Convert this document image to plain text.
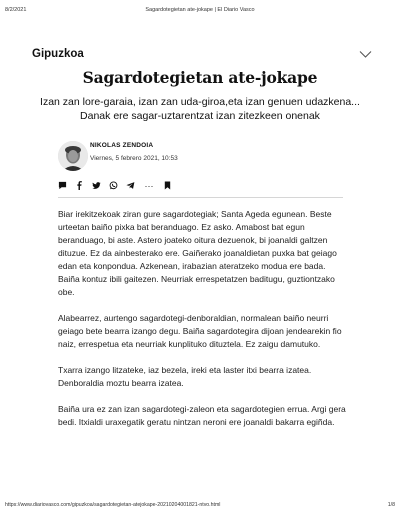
8/2/2021	Sagardotegietan ate-jokape | El Diario Vasco
Gipuzkoa
Sagardotegietan ate-jokape
Izan zan lore-garaia, izan zan uda-giroa,eta izan genuen udazkena...
Danak ere sagar-uztarentzat izan zitezkeen onenak
NIKOLAS ZENDOIA
Viernes, 5 febrero 2021, 10:53
···

Biar irekitzekoak ziran gure sagardotegiak; Santa Ageda egunean. Beste urteetan baiño pixka bat beranduago. Ez asko. Amabost bat egun beranduago, bi aste. Astero joateko oitura dezuenok, bi joanaldi galtzen dituzue. Ez da ainbesterako ere. Gaiñerako joanaldietan puxka bat geiago edan eta konpondua. Azkenean, irabazian ateratzeko modua ere bada. Baiña kontuz ibili gaitezen. Neurriak errespetatzen baditugu, guztiontzako obe.

Alabearrez, aurtengo sagardotegi-denboraldian, normalean baiño neurri geiago bete bearra izango degu. Baiña sagardotegira dijoan jendearekin fio naiz, errespetua eta neurriak kunplituko dituztela. Ez zaigu damutuko.

Txarra izango litzateke, iaz bezela, ireki eta laster itxi bearra izatea. Denboraldia moztu bearra izatea.

Baiña ura ez zan izan sagardotegi-zaleon eta sagardotegien errua. Argi gera bedi. Itxialdi uraxegatik geratu nintzan neroni ere joanaldi bakarra egiñda.

https://www.diariovasco.com/gipuzkoa/sagardotegietan-atejokape-20210204001821-ntvo.html	1/8
